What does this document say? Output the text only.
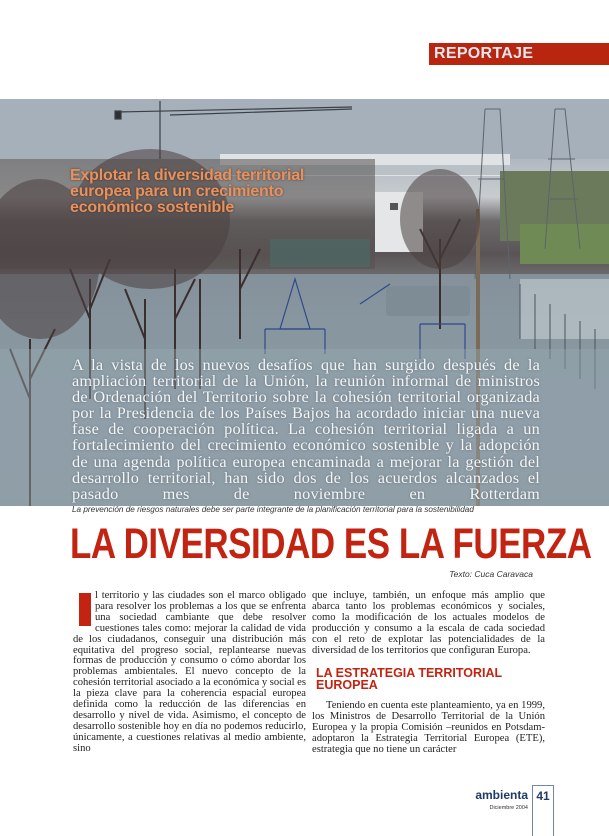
REPORTAJE
Explotar la diversidad territorial europea para un crecimiento económico sostenible
A la vista de los nuevos desafíos que han surgido después de la ampliación territorial de la Unión, la reunión informal de ministros de Ordenación del Territorio sobre la cohesión territorial organizada por la Presidencia de los Países Bajos ha acordado iniciar una nueva fase de cooperación política. La cohesión territorial ligada a un fortalecimiento del crecimiento económico sostenible y la adopción de una agenda política europea encaminada a mejorar la gestión del desarrollo territorial, han sido dos de los acuerdos alcanzados el pasado mes de noviembre en Rotterdam
La prevención de riesgos naturales debe ser parte integrante de la planificación territorial para la sostenibilidad
LA DIVERSIDAD ES LA FUERZA
Texto: Cuca Caravaca
l territorio y las ciudades son el marco obligado para resolver los problemas a los que se enfrenta una sociedad cambiante que debe resolver cuestiones tales como: mejorar la calidad de vida de los ciudadanos, conseguir una distribución más equitativa del progreso social, replantearse nuevas formas de producción y consumo o cómo abordar los problemas ambientales. El nuevo concepto de la cohesión territorial asociado a la económica y social es la pieza clave para la coherencia espacial europea definida como la reducción de las diferencias en desarrollo y nivel de vida. Asimismo, el concepto de desarrollo sostenible hoy en día no podemos reducirlo, únicamente, a cuestiones relativas al medio ambiente, sino

que incluye, también, un enfoque más amplio que abarca tanto los problemas económicos y sociales, como la modificación de los actuales modelos de producción y consumo a la escala de cada sociedad con el reto de explotar las potencialidades de la diversidad de los territorios que configuran Europa.

LA ESTRATEGIA TERRITORIAL EUROPEA

Teniendo en cuenta este planteamiento, ya en 1999, los Ministros de Desarrollo Territorial de la Unión Europea y la propia Comisión –reunidos en Potsdam- adoptaron la Estrategia Territorial Europea (ETE), estrategia que no tiene un carácter

ambienta
Diciembre 2004
41
